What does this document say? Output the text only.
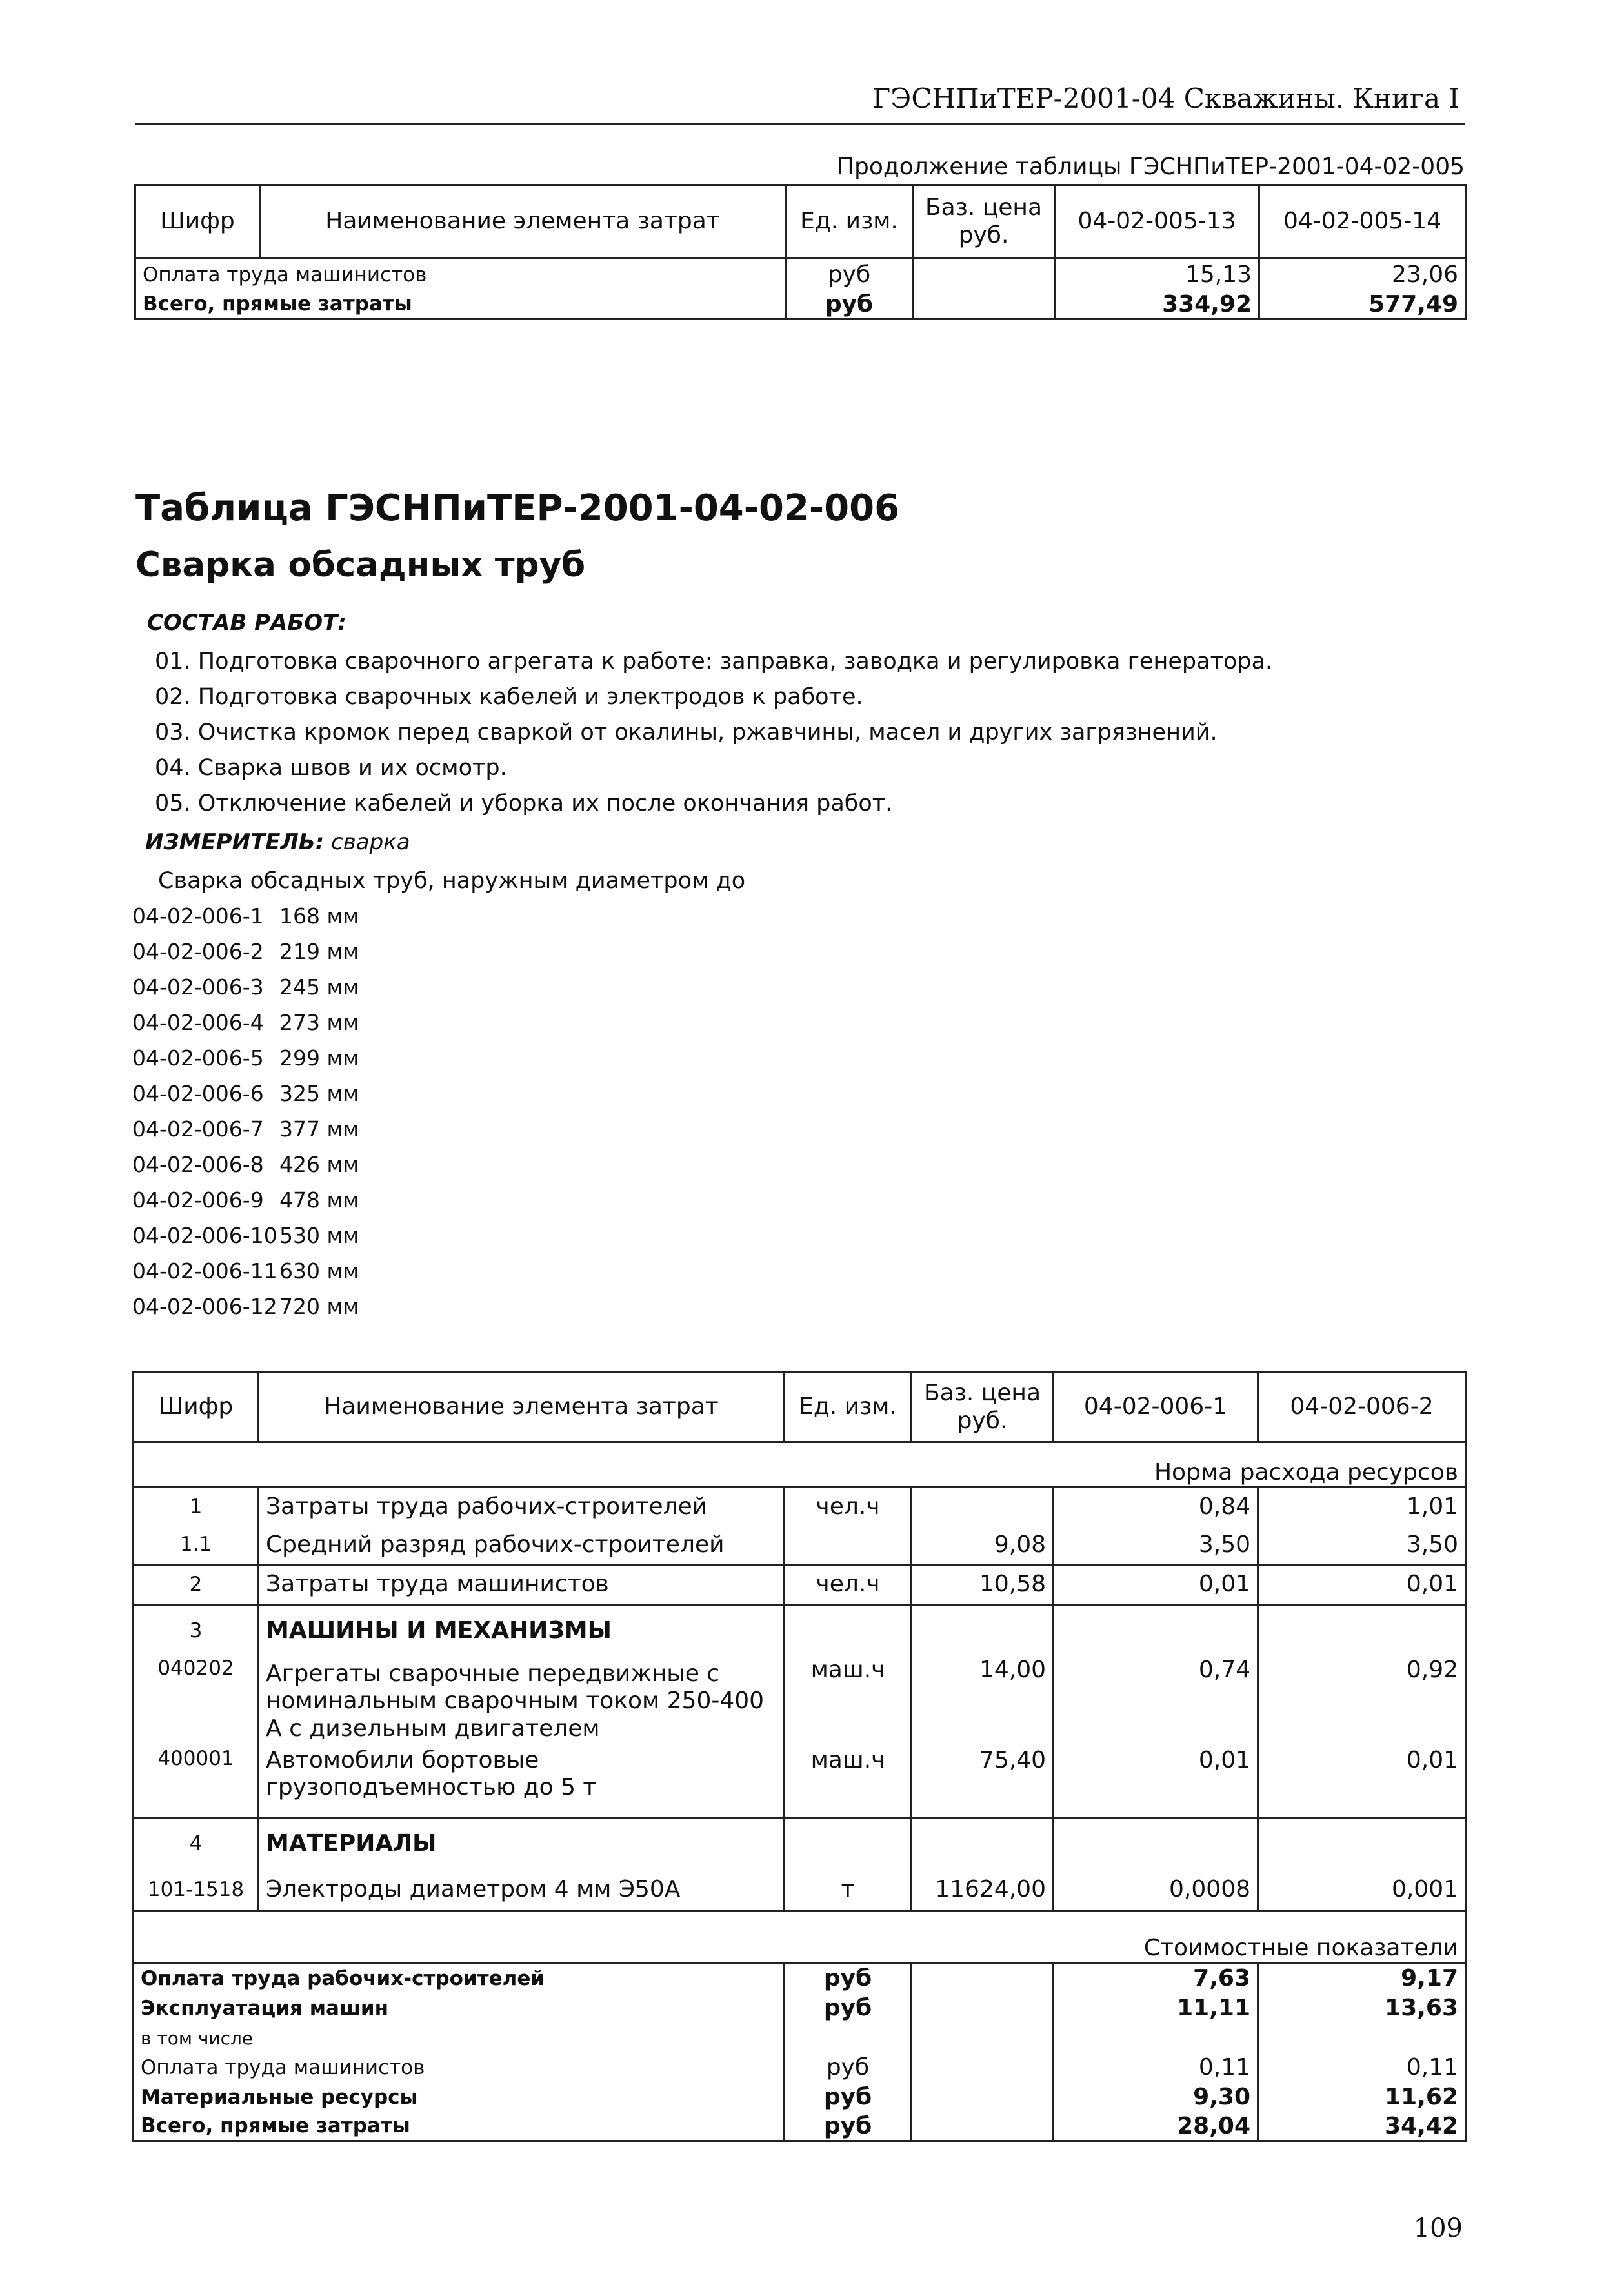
ГЭСНПиТЕР-2001-04 Скважины. Книга I
Продолжение таблицы ГЭСНПиТЕР-2001-04-02-005
Шифр	Наименование элемента затрат	Ед. изм.	Баз. цена руб.	04-02-005-13	04-02-005-14
Оплата труда машинистов		руб		15,13	23,06
Всего, прямые затраты		руб		334,92	577,49
Таблица ГЭСНПиТЕР-2001-04-02-006
Сварка обсадных труб
СОСТАВ РАБОТ:
01. Подготовка сварочного агрегата к работе: заправка, заводка и регулировка генератора.
02. Подготовка сварочных кабелей и электродов к работе.
03. Очистка кромок перед сваркой от окалины, ржавчины, масел и других загрязнений.
04. Сварка швов и их осмотр.
05. Отключение кабелей и уборка их после окончания работ.
ИЗМЕРИТЕЛЬ: сварка
Сварка обсадных труб, наружным диаметром до
04-02-006-1 168 мм
04-02-006-2 219 мм
04-02-006-3 245 мм
04-02-006-4 273 мм
04-02-006-5 299 мм
04-02-006-6 325 мм
04-02-006-7 377 мм
04-02-006-8 426 мм
04-02-006-9 478 мм
04-02-006-10 530 мм
04-02-006-11 630 мм
04-02-006-12 720 мм
Шифр	Наименование элемента затрат	Ед. изм.	Баз. цена руб.	04-02-006-1	04-02-006-2
Норма расхода ресурсов					
1	Затраты труда рабочих-строителей	чел.ч		0,84	1,01
1.1	Средний разряд рабочих-строителей		9,08	3,50	3,50
2	Затраты труда машинистов	чел.ч	10,58	0,01	0,01
3	МАШИНЫ И МЕХАНИЗМЫ				
040202	Агрегаты сварочные передвижные с номинальным сварочным током 250-400 А с дизельным двигателем	маш.ч	14,00	0,74	0,92
400001	Автомобили бортовые грузоподъемностью до 5 т	маш.ч	75,40	0,01	0,01
4	МАТЕРИАЛЫ				
101-1518	Электроды диаметром 4 мм Э50А	т	11624,00	0,0008	0,001
Стоимостные показатели					
Оплата труда рабочих-строителей		руб		7,63	9,17
Эксплуатация машин		руб		11,11	13,63
в том числе					
Оплата труда машинистов		руб		0,11	0,11
Материальные ресурсы		руб		9,30	11,62
Всего, прямые затраты		руб		28,04	34,42
109
